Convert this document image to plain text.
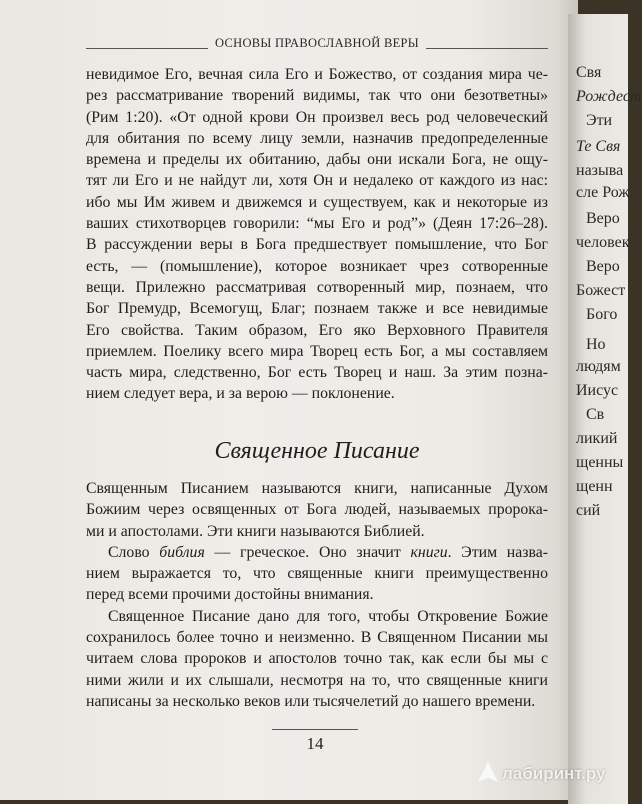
ОСНОВЫ ПРАВОСЛАВНОЙ ВЕРЫ
невидимое Его, вечная сила Его и Божество, от создания мира че-
рез рассматривание творений видимы, так что они безответны»
(Рим 1:20). «От одной крови Он произвел весь род человеческий
для обитания по всему лицу земли, назначив предопределенные
времена и пределы их обитанию, дабы они искали Бога, не ощу-
тят ли Его и не найдут ли, хотя Он и недалеко от каждого из нас:
ибо мы Им живем и движемся и существуем, как и некоторые из
ваших стихотворцев говорили: “мы Его и род”» (Деян 17:26–28).
В рассуждении веры в Бога предшествует помышление, что Бог
есть, — (помышление), которое возникает чрез сотворенные
вещи. Прилежно рассматривая сотворенный мир, познаем, что
Бог Премудр, Всемогущ, Благ; познаем также и все невидимые
Его свойства. Таким образом, Его яко Верховного Правителя
приемлем. Поелику всего мира Творец есть Бог, а мы составляем
часть мира, следственно, Бог есть Творец и наш. За этим позна-
нием следует вера, и за верою — поклонение.
Священное Писание
Священным Писанием называются книги, написанные Духом
Божиим через освященных от Бога людей, называемых пророка-
ми и апостолами. Эти книги называются Библией.
Слово библия — греческое. Оно значит книги. Этим назва-
нием выражается то, что священные книги преимущественно
перед всеми прочими достойны внимания.
Священное Писание дано для того, чтобы Откровение Божие
сохранилось более точно и неизменно. В Священном Писании мы
читаем слова пророков и апостолов точно так, как если бы мы с
ними жили и их слышали, несмотря на то, что священные книги
написаны за несколько веков или тысячелетий до нашего времени.
14
Свя
Рождест
Эти
Те Свя
называ
сле Рож
Веро
человек
Веро
Божест
Бого
Но
людям
Иисус
Св
ликий
щенны
щенн
сий
лабиринт.ру
